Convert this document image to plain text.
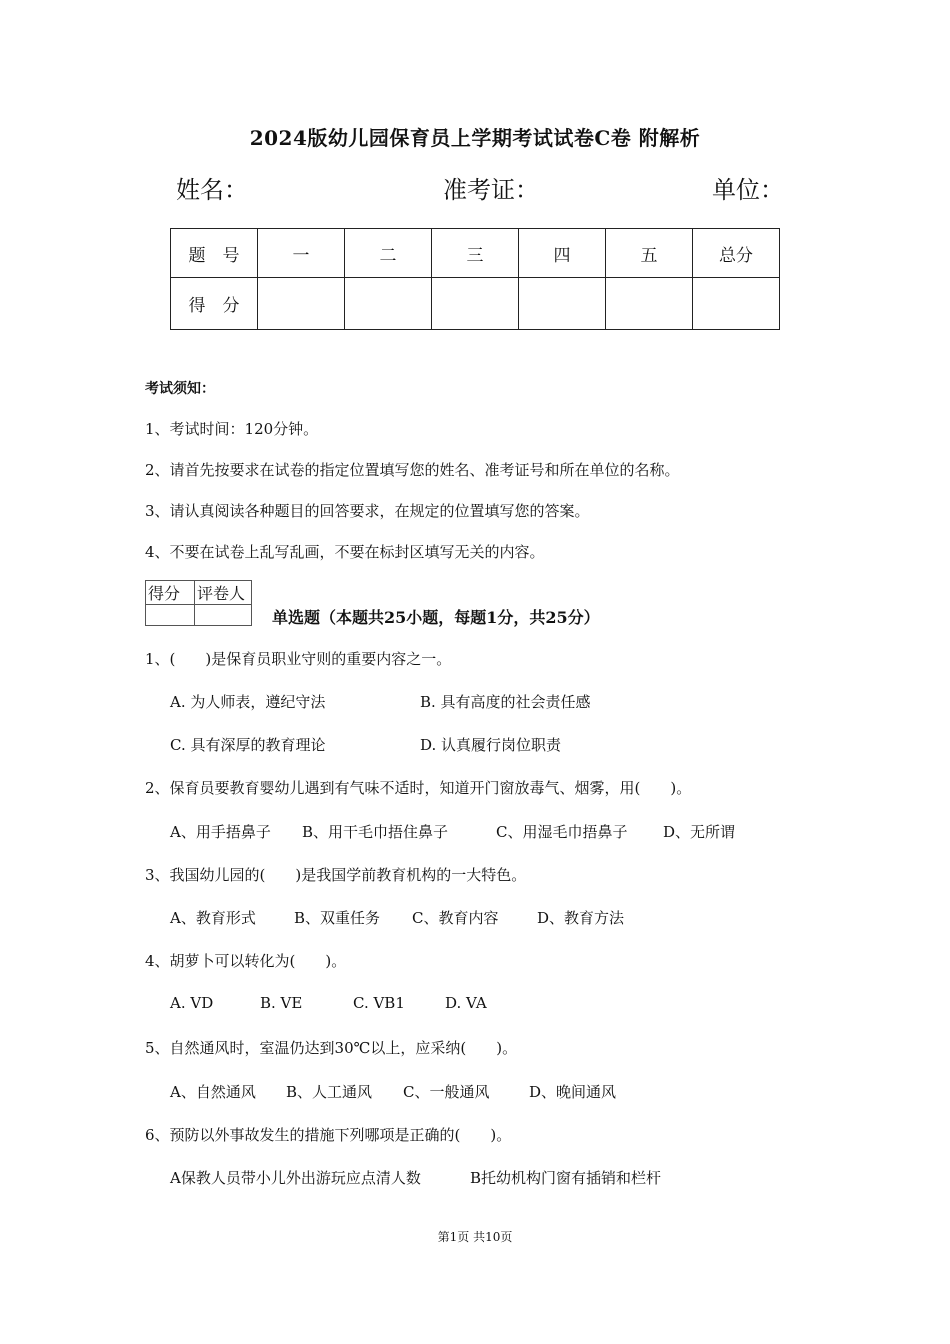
2024版幼儿园保育员上学期考试试卷C卷 附解析
姓名：	准考证：	单位：
题　号	一	二	三	四	五	总分
得　分						
考试须知：
1、考试时间：120分钟。
2、请首先按要求在试卷的指定位置填写您的姓名、准考证号和所在单位的名称。
3、请认真阅读各种题目的回答要求，在规定的位置填写您的答案。
4、不要在试卷上乱写乱画，不要在标封区填写无关的内容。
得分	评卷人

单选题（本题共25小题，每题1分，共25分）
1、(　　)是保育员职业守则的重要内容之一。
A. 为人师表，遵纪守法	B. 具有高度的社会责任感
C. 具有深厚的教育理论	D. 认真履行岗位职责
2、保育员要教育婴幼儿遇到有气味不适时，知道开门窗放毒气、烟雾，用(　　)。
A、用手捂鼻子 B、用干毛巾捂住鼻子	C、用湿毛巾捂鼻子 D、无所谓
3、我国幼儿园的(　　)是我国学前教育机构的一大特色。
A、教育形式	B、双重任务 C、教育内容	D、教育方法
4、胡萝卜可以转化为(　　)。
A. VD	B. VE	C. VB1	D. VA
5、自然通风时，室温仍达到30℃以上，应采纳(　　)。
A、自然通风 B、人工通风 C、一般通风	D、晚间通风
6、预防以外事故发生的措施下列哪项是正确的(　　)。
A保教人员带小儿外出游玩应点清人数	B托幼机构门窗有插销和栏杆
第1页 共10页
